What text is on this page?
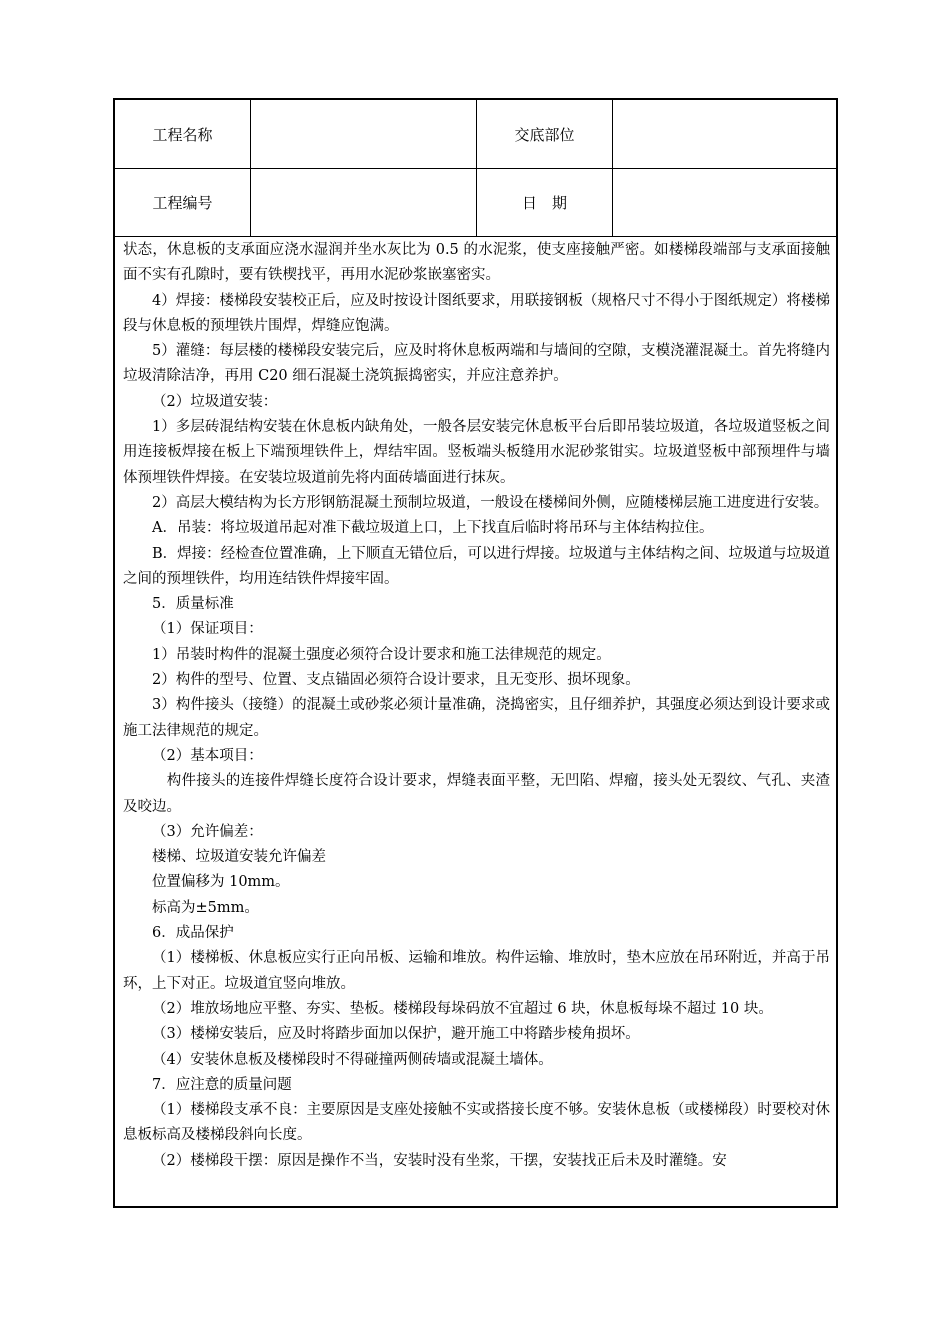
工程名称	交底部位
工程编号	日　期

状态，休息板的支承面应浇水湿润并坐水灰比为 0.5 的水泥浆，使支座接触严密。如楼梯段端部与支承面接触面不实有孔隙时，要有铁楔找平，再用水泥砂浆嵌塞密实。

4）焊接：楼梯段安装校正后，应及时按设计图纸要求，用联接钢板（规格尺寸不得小于图纸规定）将楼梯段与休息板的预埋铁片围焊，焊缝应饱满。

5）灌缝：每层楼的楼梯段安装完后，应及时将休息板两端和与墙间的空隙，支模浇灌混凝土。首先将缝内垃圾清除洁净，再用 C20 细石混凝土浇筑振捣密实，并应注意养护。

（2）垃圾道安装：

1）多层砖混结构安装在休息板内缺角处，一般各层安装完休息板平台后即吊装垃圾道，各垃圾道竖板之间用连接板焊接在板上下端预埋铁件上，焊结牢固。竖板端头板缝用水泥砂浆钳实。垃圾道竖板中部预埋件与墙体预埋铁件焊接。在安装垃圾道前先将内面砖墙面进行抹灰。

2）高层大模结构为长方形钢筋混凝土预制垃圾道，一般设在楼梯间外侧，应随楼梯层施工进度进行安装。

A．吊装：将垃圾道吊起对准下截垃圾道上口，上下找直后临时将吊环与主体结构拉住。

B．焊接：经检查位置准确，上下顺直无错位后，可以进行焊接。垃圾道与主体结构之间、垃圾道与垃圾道之间的预埋铁件，均用连结铁件焊接牢固。

5．质量标准

（1）保证项目：

1）吊装时构件的混凝土强度必须符合设计要求和施工法律规范的规定。

2）构件的型号、位置、支点锚固必须符合设计要求，且无变形、损坏现象。

3）构件接头（接缝）的混凝土或砂浆必须计量准确，浇捣密实，且仔细养护，其强度必须达到设计要求或施工法律规范的规定。

（2）基本项目：

　构件接头的连接件焊缝长度符合设计要求，焊缝表面平整，无凹陷、焊瘤，接头处无裂纹、气孔、夹渣及咬边。

（3）允许偏差：

楼梯、垃圾道安装允许偏差

位置偏移为 10mm。

标高为±5mm。

6．成品保护

（1）楼梯板、休息板应实行正向吊板、运输和堆放。构件运输、堆放时，垫木应放在吊环附近，并高于吊环，上下对正。垃圾道宜竖向堆放。

（2）堆放场地应平整、夯实、垫板。楼梯段每垛码放不宜超过 6 块，休息板每垛不超过 10 块。

（3）楼梯安装后，应及时将踏步面加以保护，避开施工中将踏步棱角损坏。

（4）安装休息板及楼梯段时不得碰撞两侧砖墙或混凝土墙体。

7．应注意的质量问题

（1）楼梯段支承不良：主要原因是支座处接触不实或搭接长度不够。安装休息板（或楼梯段）时要校对休息板标高及楼梯段斜向长度。

（2）楼梯段干摆：原因是操作不当，安装时没有坐浆，干摆，安装找正后未及时灌缝。安
